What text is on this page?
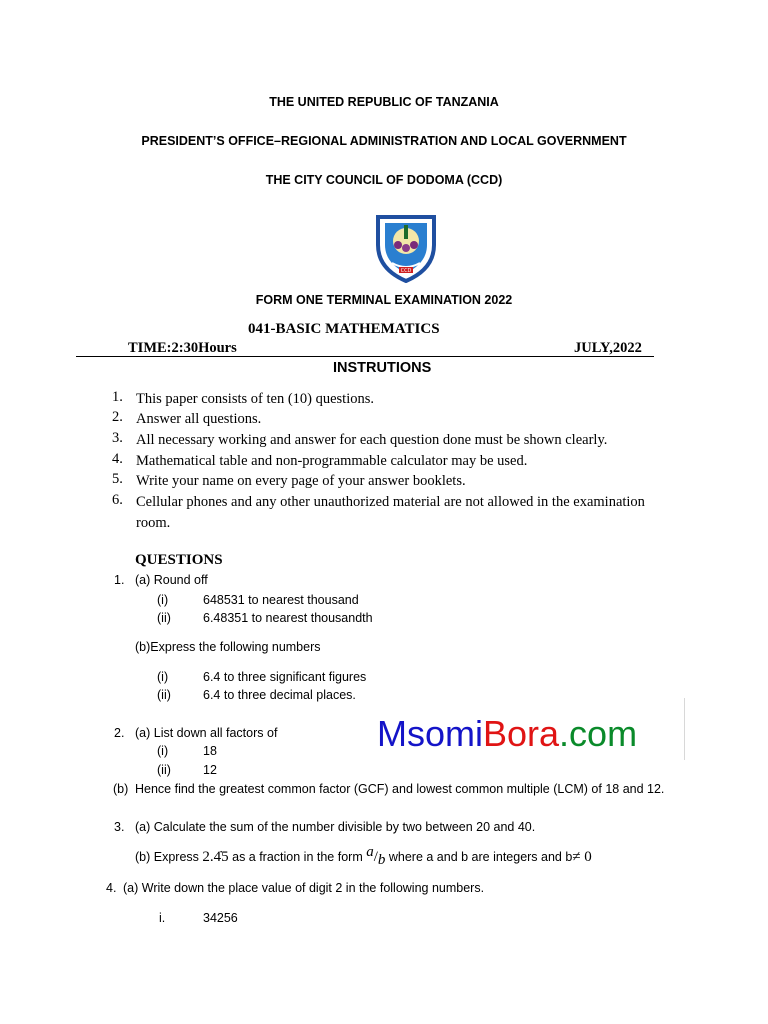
THE UNITED REPUBLIC OF TANZANIA
PRESIDENT’S OFFICE–REGIONAL ADMINISTRATION AND LOCAL GOVERNMENT
THE CITY COUNCIL OF DODOMA (CCD)
CCD
FORM ONE TERMINAL EXAMINATION 2022
041-BASIC MATHEMATICS
TIME:2:30Hours	JULY,2022
INSTRUTIONS
1. This paper consists of ten (10) questions.
2. Answer all questions.
3. All necessary working and answer for each question done must be shown clearly.
4. Mathematical table and non-programmable calculator may be used.
5. Write your name on every page of your answer booklets.
6. Cellular phones and any other unauthorized material are not allowed in the examination room.
QUESTIONS
1. (a) Round off
(i)	648531 to nearest thousand
(ii)	6.48351 to nearest thousandth
(b)Express the following numbers
(i)	6.4 to three significant figures
(ii)	6.4 to three decimal places.
MsomiBora.com
2. (a) List down all factors of
(i)	18
(ii)	12
(b) Hence find the greatest common factor (GCF) and lowest common multiple (LCM) of 18 and 12.
3. (a) Calculate the sum of the number divisible by two between 20 and 40.
(b) Express 2.4̇5 as a fraction in the form a/b where a and b are integers and b≠ 0
4. (a) Write down the place value of digit 2 in the following numbers.
i.	34256
